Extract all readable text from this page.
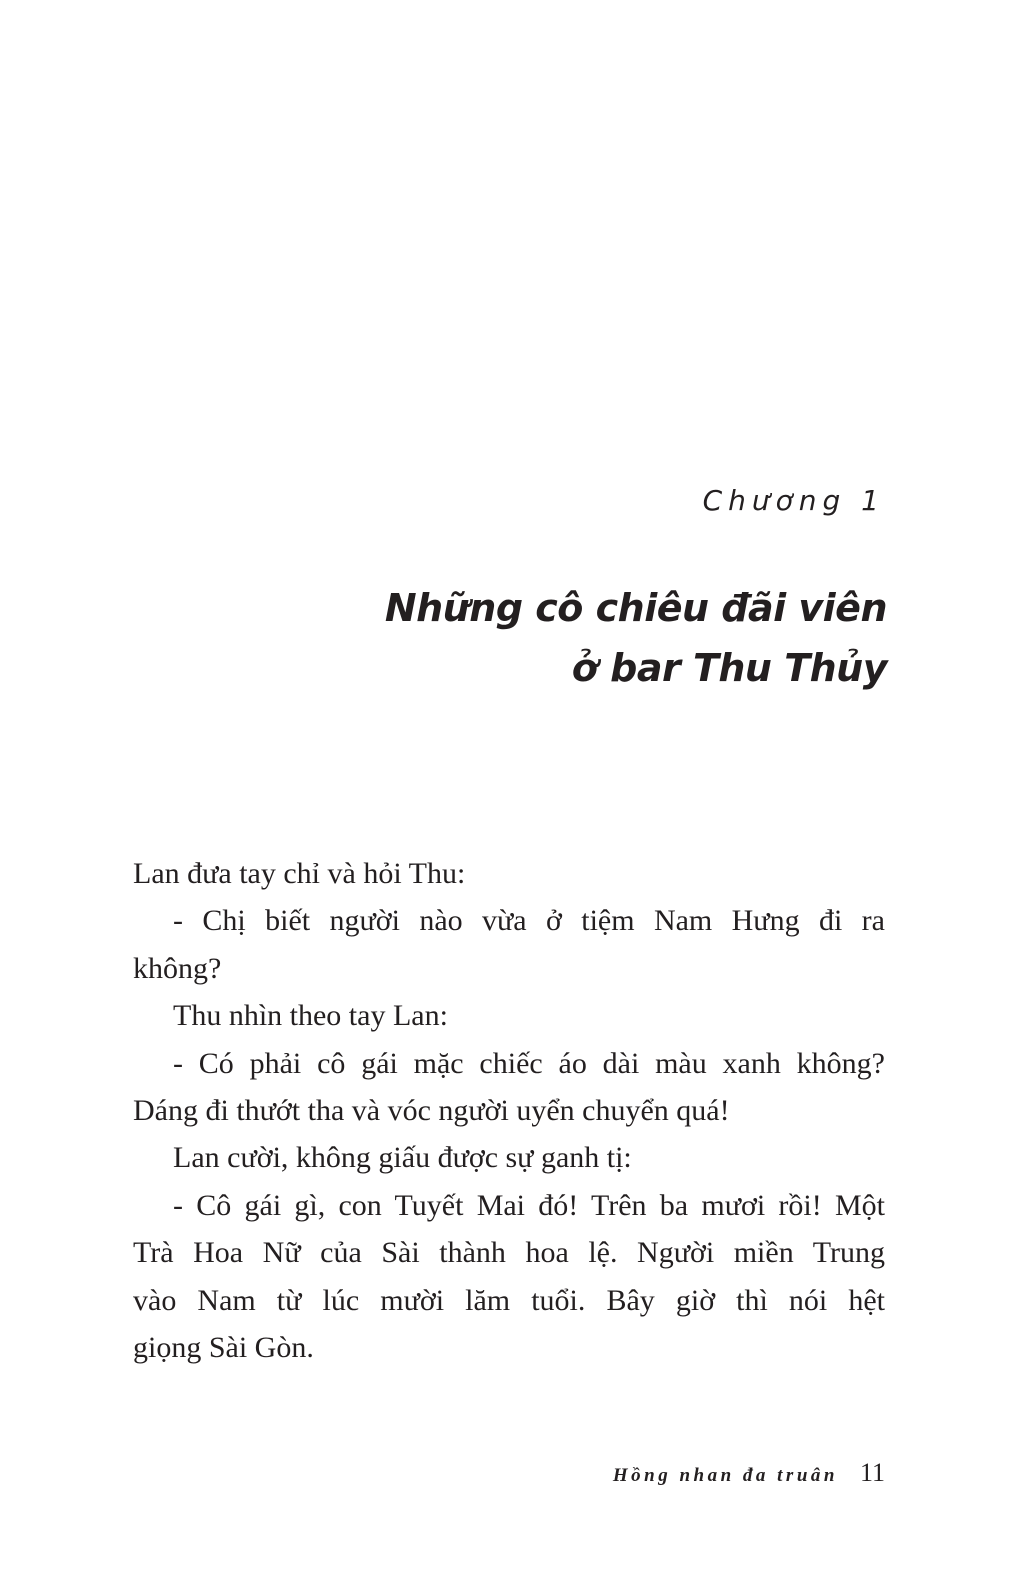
Chương 1
Những cô chiêu đãi viên
ở bar Thu Thủy
Lan đưa tay chỉ và hỏi Thu:
- Chị biết người nào vừa ở tiệm Nam Hưng đi ra
không?
Thu nhìn theo tay Lan:
- Có phải cô gái mặc chiếc áo dài màu xanh không?
Dáng đi thướt tha và vóc người uyển chuyển quá!
Lan cười, không giấu được sự ganh tị:
- Cô gái gì, con Tuyết Mai đó! Trên ba mươi rồi! Một
Trà Hoa Nữ của Sài thành hoa lệ. Người miền Trung
vào Nam từ lúc mười lăm tuổi. Bây giờ thì nói hệt
giọng Sài Gòn.
Hồng nhan đa truân 11
